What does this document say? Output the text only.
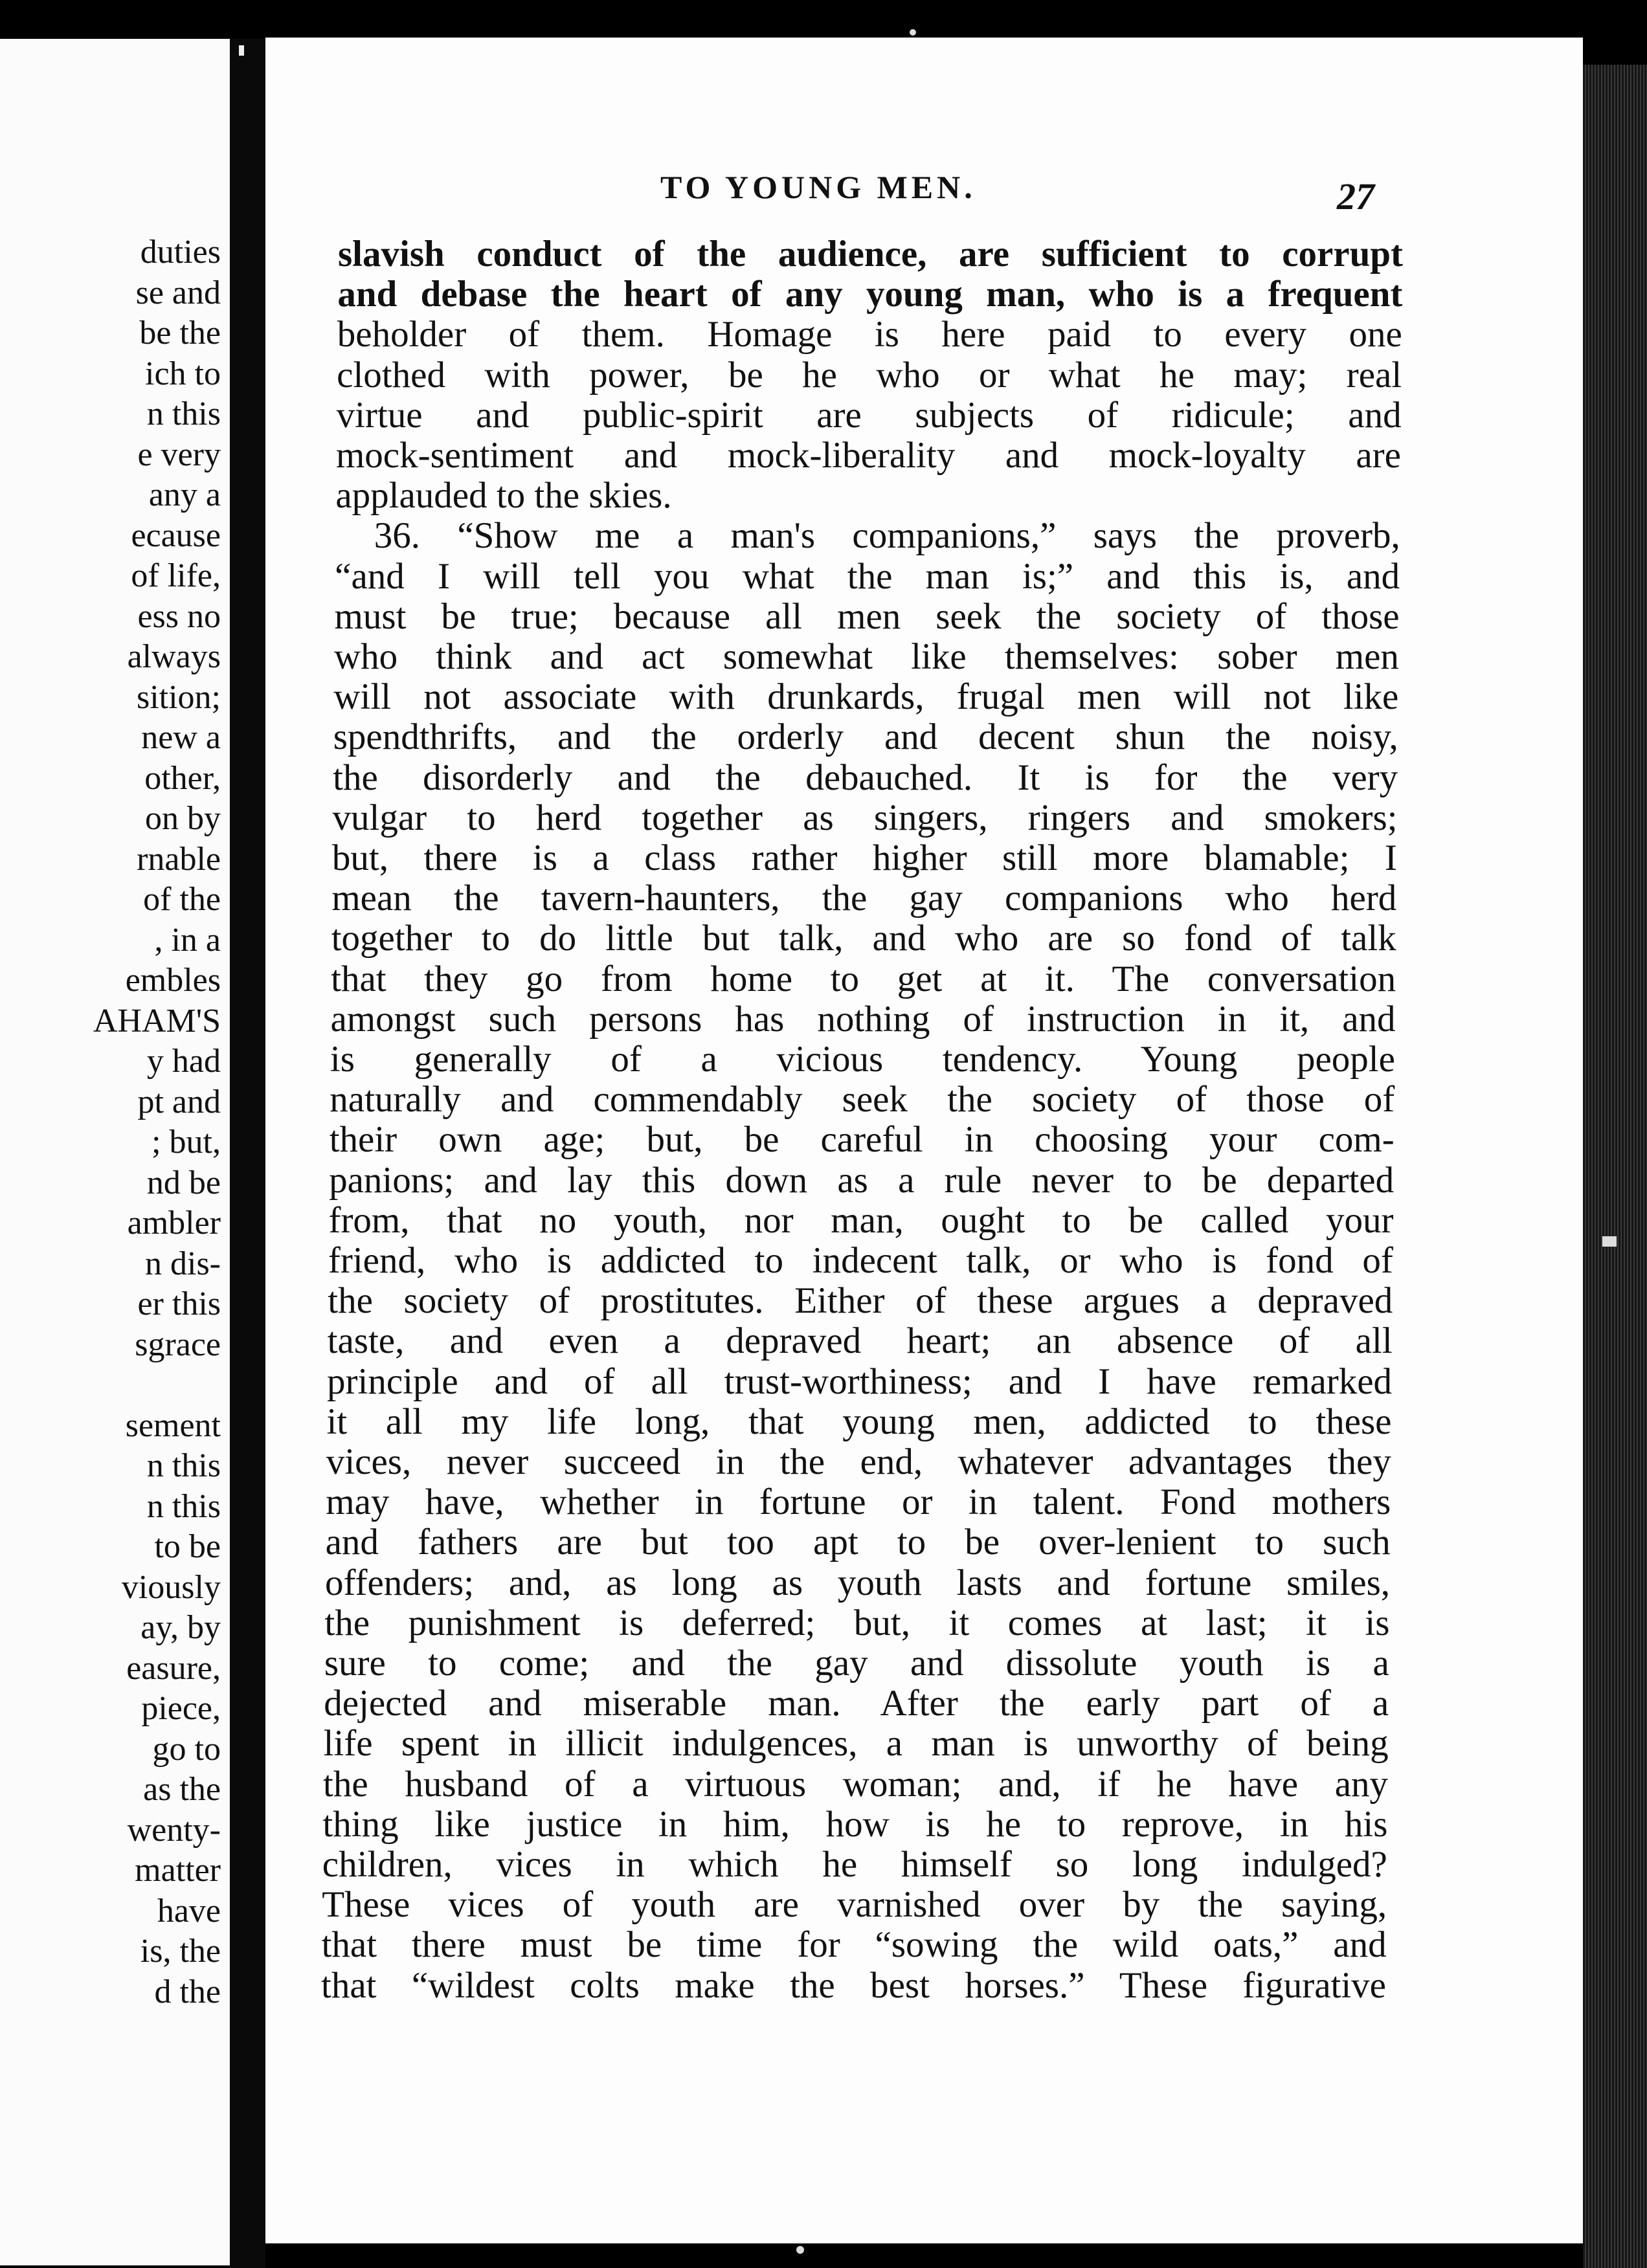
duties
se and
be the
ich to
n this
e very
any a
ecause
of life,
ess no
always
sition;
new a
other,
on by
rnable
of the
, in a
embles
AHAM'S
y had
pt and
; but,
nd be
ambler
n dis-
er this
sgrace
sement
n this
n this
to be
viously
ay, by
easure,
piece,
go to
as the
wenty-
matter
have
is, the
d the
TO YOUNG MEN.	27
slavish conduct of the audience, are sufficient to corrupt
and debase the heart of any young man, who is a frequent
beholder of them. Homage is here paid to every one
clothed with power, be he who or what he may; real
virtue and public-spirit are subjects of ridicule; and
mock-sentiment and mock-liberality and mock-loyalty are
applauded to the skies.
36. “Show me a man's companions,” says the proverb,
“and I will tell you what the man is;” and this is, and
must be true; because all men seek the society of those
who think and act somewhat like themselves: sober men
will not associate with drunkards, frugal men will not like
spendthrifts, and the orderly and decent shun the noisy,
the disorderly and the debauched. It is for the very
vulgar to herd together as singers, ringers and smokers;
but, there is a class rather higher still more blamable; I
mean the tavern-haunters, the gay companions who herd
together to do little but talk, and who are so fond of talk
that they go from home to get at it. The conversation
amongst such persons has nothing of instruction in it, and
is generally of a vicious tendency. Young people
naturally and commendably seek the society of those of
their own age; but, be careful in choosing your com-
panions; and lay this down as a rule never to be departed
from, that no youth, nor man, ought to be called your
friend, who is addicted to indecent talk, or who is fond of
the society of prostitutes. Either of these argues a depraved
taste, and even a depraved heart; an absence of all
principle and of all trust-worthiness; and I have remarked
it all my life long, that young men, addicted to these
vices, never succeed in the end, whatever advantages they
may have, whether in fortune or in talent. Fond mothers
and fathers are but too apt to be over-lenient to such
offenders; and, as long as youth lasts and fortune smiles,
the punishment is deferred; but, it comes at last; it is
sure to come; and the gay and dissolute youth is a
dejected and miserable man. After the early part of a
life spent in illicit indulgences, a man is unworthy of being
the husband of a virtuous woman; and, if he have any
thing like justice in him, how is he to reprove, in his
children, vices in which he himself so long indulged?
These vices of youth are varnished over by the saying,
that there must be time for “sowing the wild oats,” and
that “wildest colts make the best horses.” These figurative
